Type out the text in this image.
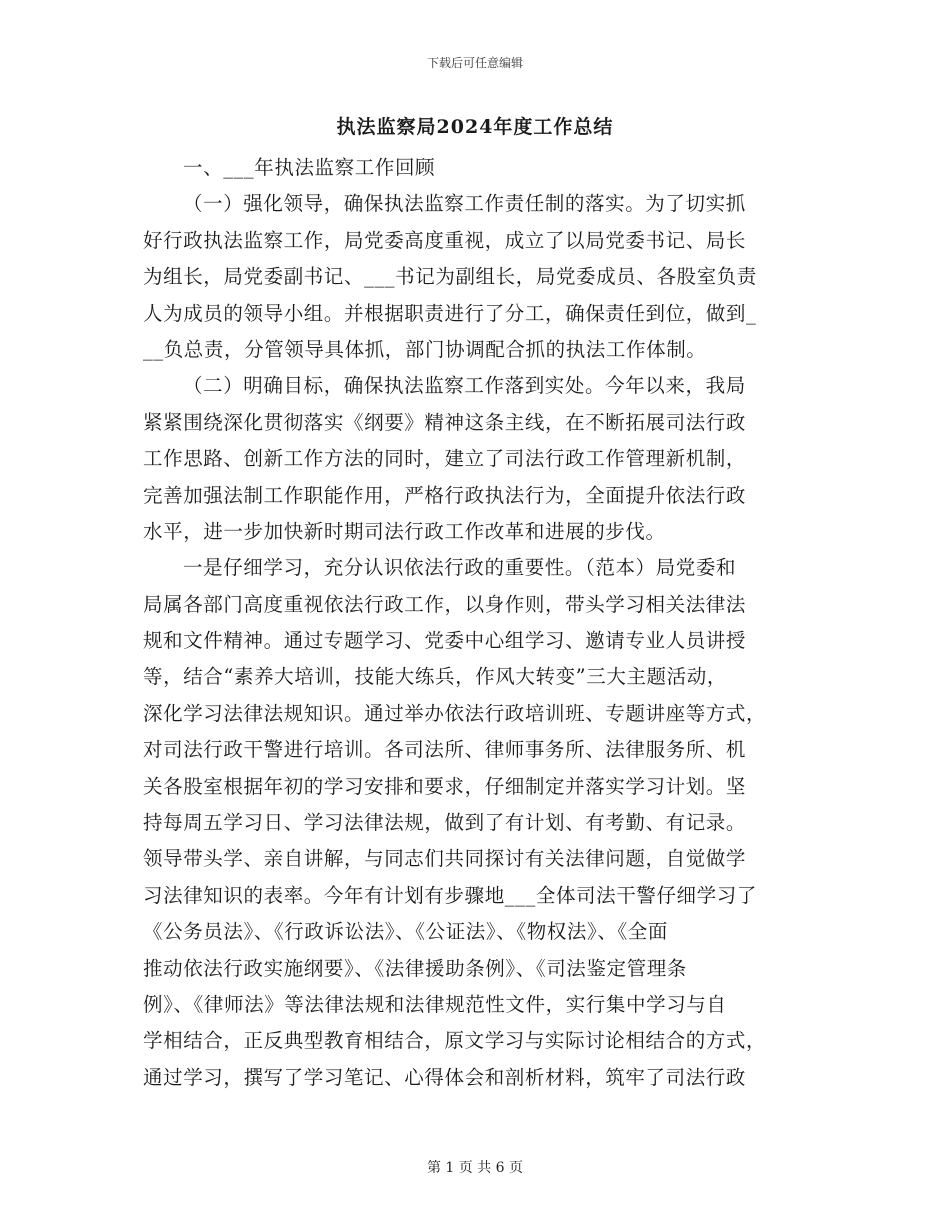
下载后可任意编辑
执法监察局2024年度工作总结
一、___年执法监察工作回顾
（一）强化领导，确保执法监察工作责任制的落实。为了切实抓
好行政执法监察工作，局党委高度重视，成立了以局党委书记、局长
为组长，局党委副书记、___书记为副组长，局党委成员、各股室负责
人为成员的领导小组。并根据职责进行了分工，确保责任到位，做到_
__负总责，分管领导具体抓，部门协调配合抓的执法工作体制。
（二）明确目标，确保执法监察工作落到实处。今年以来，我局
紧紧围绕深化贯彻落实《纲要》精神这条主线，在不断拓展司法行政
工作思路、创新工作方法的同时，建立了司法行政工作管理新机制，
完善加强法制工作职能作用，严格行政执法行为，全面提升依法行政
水平，进一步加快新时期司法行政工作改革和进展的步伐。
一是仔细学习，充分认识依法行政的重要性。（范本）局党委和
局属各部门高度重视依法行政工作，以身作则，带头学习相关法律法
规和文件精神。通过专题学习、党委中心组学习、邀请专业人员讲授
等，结合“素养大培训，技能大练兵，作风大转变”三大主题活动，
深化学习法律法规知识。通过举办依法行政培训班、专题讲座等方式，
对司法行政干警进行培训。各司法所、律师事务所、法律服务所、机
关各股室根据年初的学习安排和要求，仔细制定并落实学习计划。坚
持每周五学习日、学习法律法规，做到了有计划、有考勤、有记录。
领导带头学、亲自讲解，与同志们共同探讨有关法律问题，自觉做学
习法律知识的表率。今年有计划有步骤地___全体司法干警仔细学习了
《公务员法》、《行政诉讼法》、《公证法》、《物权法》、《全面
推动依法行政实施纲要》、《法律援助条例》、《司法鉴定管理条
例》、《律师法》等法律法规和法律规范性文件，实行集中学习与自
学相结合，正反典型教育相结合，原文学习与实际讨论相结合的方式，
通过学习，撰写了学习笔记、心得体会和剖析材料，筑牢了司法行政
第 1 页 共 6 页
